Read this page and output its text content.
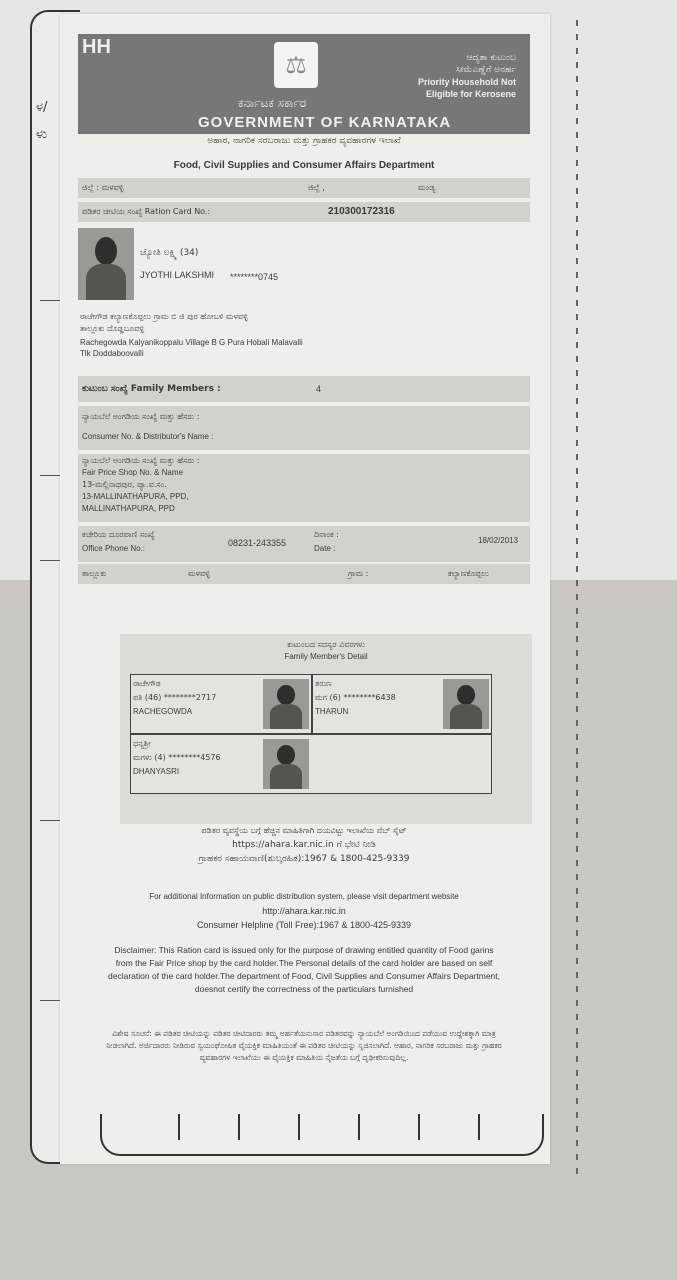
ಳ/
ಳು
HH
⚖
ಕರ್ನಾಟಕ ಸರ್ಕಾರ
GOVERNMENT OF KARNATAKA
ಆದ್ಯತಾ ಕುಟುಂಬ
ಸೀಮೆಎಣ್ಣೆಗೆ ಅನರ್ಹ
Priority Household Not
Eligible for Kerosene
ಆಹಾರ, ನಾಗರಿಕ ಸರಬರಾಜು ಮತ್ತು ಗ್ರಾಹಕರ ವ್ಯವಹಾರಗಳ ಇಲಾಖೆ
Food, Civil Supplies and Consumer Affairs Department
ಜಿಲ್ಲೆ : ಮಳವಳ್ಳಿ	ಜಿಲ್ಲೆ ,	ಮಂಡ್ಯ
ಪಡಿತರ ಚೀಟಿಯ ಸಂಖ್ಯೆ Ration Card No.:	210300172316
ಜ್ಯೋತಿ ಲಕ್ಷ್ಮಿ (34)
JYOTHI LAKSHMI ********0745
ರಾಚೇಗೌಡ ಕಲ್ಯಾಣಕೊಪ್ಪಲು ಗ್ರಾಮ ಬಿ ಜಿ ಪುರ ಹೋಬಳಿ ಮಳವಳ್ಳಿ
ತಾಲ್ಲೂಕು ದೊಡ್ಡಬೂವಳ್ಳಿ
Rachegowda Kalyanikoppalu Village B G Pura Hobali Malavalli
Tlk Doddaboovalli
ಕುಟುಂಬ ಸಂಖ್ಯೆ Family Members :	4
ನ್ಯಾಯಬೆಲೆ ಅಂಗಡಿಯ ಸಂಖ್ಯೆ ಮತ್ತು ಹೆಸರು :
Consumer No. & Distributor's Name :
ನ್ಯಾಯಬೆಲೆ ಅಂಗಡಿಯ ಸಂಖ್ಯೆ ಮತ್ತು ಹೆಸರು :
Fair Price Shop No. & Name
13-ಮಲ್ಲಿನಾಥಪುರ, ಪ್ಯಾ.ವ.ಸಂ.
13-MALLINATHAPURA, PPD,
MALLINATHAPURA, PPD
ಕಚೇರಿಯ ದೂರವಾಣಿ ಸಂಖ್ಯೆ
Office Phone No.:
08231-243355
ದಿನಾಂಕ :
Date :
18/02/2013
ತಾಲ್ಲೂಕು	ಮಳವಳ್ಳಿ	ಗ್ರಾಮ :	ಕಲ್ಯಾಣಕೊಪ್ಪಲು
ಕುಟುಂಬದ ಸದಸ್ಯರ ವಿವರಗಳು
Family Member's Detail
ರಾಚೇಗೌಡ
ಪತಿ (46) ********2717
RACHEGOWDA
ತರುಣ
ಮಗ (6) ********6438
THARUN
ಧನ್ಯಶ್ರೀ
ಮಗಳು (4) ********4576
DHANYASRI
ಪಡಿತರ ವ್ಯವಸ್ಥೆಯ ಬಗ್ಗೆ ಹೆಚ್ಚಿನ ಮಾಹಿತಿಗಾಗಿ ದಯವಿಟ್ಟು ಇಲಾಖೆಯ ವೆಬ್ ಸೈಟ್
https://ahara.kar.nic.in ಗೆ ಭೇಟಿ ನೀಡಿ
ಗ್ರಾಹಕರ ಸಹಾಯವಾಣಿ(ಶುಲ್ಕರಹಿತ):1967 & 1800-425-9339
For additional Information on public distribution system, please visit department website
http://ahara.kar.nic.in
Consumer Helpline (Toll Free):1967 & 1800-425-9339
Disclaimer: This Ration card is issued only for the purpose of drawing entitled quantity of Food garins from the Fair Price shop by the card holder.The Personal details of the card holder are based on self declaration of the card holder.The department of Food, Civil Supplies and Consumer Affairs Department, doesnot certify the correctness of the particulars furnished
ವಿಶೇಷ ಸೂಚನೆ: ಈ ಪಡಿತರ ಚೀಟಿಯನ್ನು ಪಡಿತರ ಚೀಟಿದಾರರು ತಮ್ಮ ಅರ್ಹತೆಯನುಸಾರ ಪಡಿತರವನ್ನು ನ್ಯಾಯಬೆಲೆ ಅಂಗಡಿಯಿಂದ ಪಡೆಯುವ ಉದ್ದೇಶಕ್ಕಾಗಿ ಮಾತ್ರ ನೀಡಲಾಗಿದೆ. ಅರ್ಜಿದಾರರು ನೀಡಿರುವ ಸ್ವಯಂಘೋಷಿತ ವೈಯಕ್ತಿಕ ಮಾಹಿತಿಯಂತೆ ಈ ಪಡಿತರ ಚೀಟಿಯನ್ನು ಸೃಜಿಸಲಾಗಿದೆ. ಆಹಾರ, ನಾಗರಿಕ ಸರಬರಾಜು ಮತ್ತು ಗ್ರಾಹಕರ ವ್ಯವಹಾರಗಳ ಇಲಾಖೆಯು ಈ ವೈಯಕ್ತಿಕ ಮಾಹಿತಿಯ ನೈಜತೆಯ ಬಗ್ಗೆ ದೃಢೀಕರಿಸುವುದಿಲ್ಲ.
